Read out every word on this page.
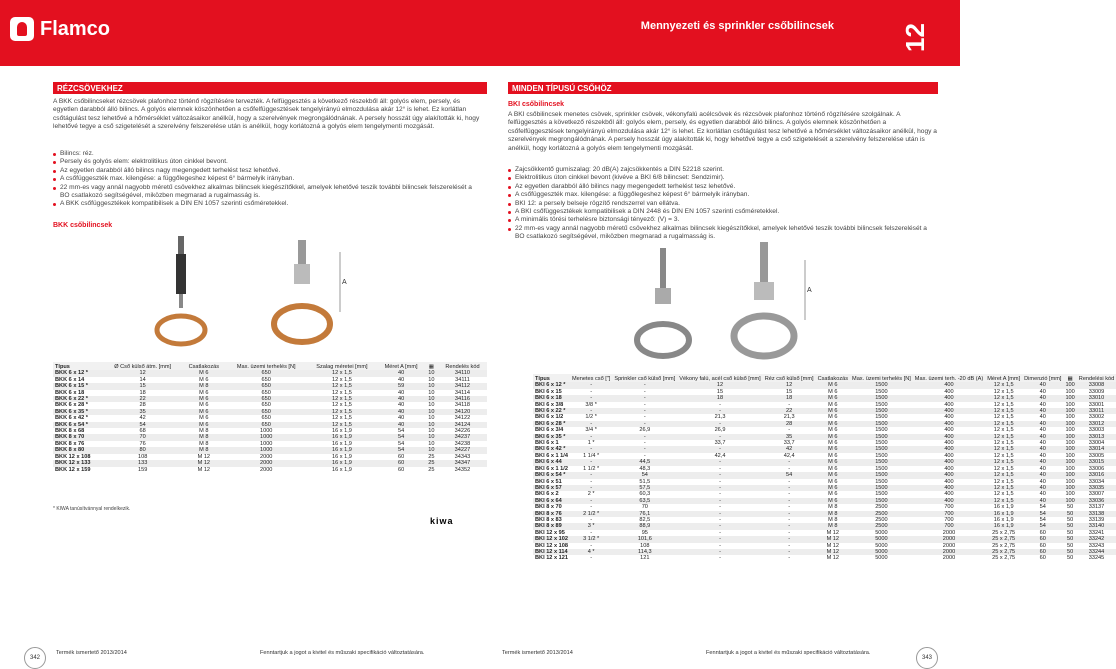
Flamco	Mennyezeti és sprinkler csőbilincsek	12
RÉZCSÖVEKHEZ
A BKK csőbilincseket rézcsövek plafonhoz történő rögzítésére tervezték. A felfüggesztés a következő részekből áll: golyós elem, persely, és egyetlen darabból álló bilincs. A golyós elemnek köszönhetően a csőfelfüggesztések tengelyirányú elmozdulása akár 12° is lehet. Ez korlátlan csőtágulást tesz lehetővé a hőmérséklet változásaikor anélkül, hogy a szerelvények megrongálódnának. A persely hosszát úgy alakították ki, hogy lehetővé tegye a cső szigetelését a szerelvény felszerelése után is anélkül, hogy korlátozná a golyós elem tengelymenti mozgását.
Bilincs: réz.
Persely és golyós elem: elektrolitikus úton cinkkel bevont.
Az egyetlen darabból álló bilincs nagy megengedett terhelést tesz lehetővé.
A csőfüggeszték max. kilengése: a függőlegeshez képest 6° bármelyik irányban.
22 mm-es vagy annál nagyobb méretű csövekhez alkalmas bilincsek kiegészítőkkel, amelyek lehetővé teszik további bilincsek felszerelését a BO csatlakozó segítségével, miközben megmarad a rugalmasság is.
A BKK csőfüggesztékek kompatibilisek a DIN EN 1057 szerinti csőméretekkel.
BKK csőbilincsek
A
Típus	Ø Cső külső átm. [mm]	Csatlakozás	Max. üzemi terhelés [N]	Szalag méretei [mm]	Méret A [mm]	▦	Rendelés kód
BKK 6 x 12 *	12	M 6	650	12 x 1,5	40	10	34110
BKK 6 x 14	14	M 6	650	12 x 1,5	40	10	34111
BKK 6 x 15 *	15	M 8	650	12 x 1,5	59	10	34112
BKK 6 x 18	18	M 6	650	12 x 1,5	40	10	34114
BKK 6 x 22 *	22	M 6	650	12 x 1,5	40	10	34116
BKK 6 x 28 *	28	M 6	650	12 x 1,5	40	10	34118
BKK 6 x 35 *	35	M 6	650	12 x 1,5	40	10	34120
BKK 6 x 42 *	42	M 6	650	12 x 1,5	40	10	34122
BKK 6 x 54 *	54	M 6	650	12 x 1,5	40	10	34124
BKK 8 x 68	68	M 8	1000	16 x 1,9	54	10	34226
BKK 8 x 70	70	M 8	1000	16 x 1,9	54	10	34237
BKK 8 x 76	76	M 8	1000	16 x 1,9	54	10	34238
BKK 8 x 80	80	M 8	1000	16 x 1,9	54	10	34227
BKK 12 x 108	108	M 12	2000	16 x 1,9	60	25	34343
BKK 12 x 133	133	M 12	2000	16 x 1,9	60	25	34347
BKK 12 x 159	159	M 12	2000	16 x 1,9	60	25	34352
* KIWA tanúsítvánnyal rendelkezik.
kiwa
MINDEN TÍPUSÚ CSŐHÖZ
BKI csőbilincsek
A BKI csőbilincsek menetes csövek, sprinkler csövek, vékonyfalú acélcsövek és rézcsövek plafonhoz történő rögzítésére szolgálnak. A felfüggesztés a következő részekből áll: golyós elem, persely, és egyetlen darabból álló bilincs. A golyós elemnek köszönhetően a csőfelfüggesztések tengelyirányú elmozdulása akár 12° is lehet. Ez korlátlan csőtágulást tesz lehetővé a hőmérséklet változásaikor anélkül, hogy a szerelvények megrongálódnának. A persely hosszát úgy alakították ki, hogy lehetővé tegye a cső szigetelését a szerelvény felszerelése után is anélkül, hogy korlátozná a golyós elem tengelymenti mozgását.
Zajcsökkentő gumiszalag: 20 dB(A) zajcsökkentés a DIN 52218 szerint.
Elektrolitikus úton cinkkel bevont (kivéve a BKI 6/8 bilincset: Sendzimir).
Az egyetlen darabból álló bilincs nagy megengedett terhelést tesz lehetővé.
A csőfüggeszték max. kilengése: a függőlegeshez képest 6° bármelyik irányban.
BKI 12: a persely belseje rögzítő rendszerrel van ellátva.
A BKI csőfüggesztékek kompatibilisek a DIN 2448 és DIN EN 1057 szerinti csőméretekkel.
A minimális törési terhelésre biztonsági tényező: (V) = 3.
22 mm-es vagy annál nagyobb méretű csövekhez alkalmas bilincsek kiegészítőkkel, amelyek lehetővé teszik további bilincsek felszerelését a BO csatlakozó segítségével, miközben megmarad a rugalmasság is.
A
Típus	Menetes cső ["]	Sprinkler cső külső [mm]	Vékony falú, acél cső külső [mm]	Réz cső külső [mm]	Csatlakozás	Max. üzemi terhelés [N]	Max. üzemi terh. -20 dB (A)	Méret A [mm]	Dimenzió [mm]	▦	Rendelési kód
BKI 6 x 12 *	-	-	12	12	M 6	1500	400	12 x 1,5	40	100	33008
BKI 6 x 15	-	-	15	15	M 6	1500	400	12 x 1,5	40	100	33009
BKI 6 x 18	-	-	18	18	M 6	1500	400	12 x 1,5	40	100	33010
BKI 6 x 3/8	3/8 *	-	-	-	M 6	1500	400	12 x 1,5	40	100	33001
BKI 6 x 22 *	-	-	-	22	M 6	1500	400	12 x 1,5	40	100	33011
BKI 6 x 1/2	1/2 *	-	21,3	21,3	M 6	1500	400	12 x 1,5	40	100	33002
BKI 6 x 28 *	-	-	-	28	M 6	1500	400	12 x 1,5	40	100	33012
BKI 6 x 3/4	3/4 *	26,9	26,9	-	M 6	1500	400	12 x 1,5	40	100	33003
BKI 6 x 35 *	-	-	-	35	M 6	1500	400	12 x 1,5	40	100	33013
BKI 6 x 1	1 *	-	33,7	33,7	M 6	1500	400	12 x 1,5	40	100	33004
BKI 6 x 42 *	-	-	-	42	M 6	1500	400	12 x 1,5	40	100	33014
BKI 6 x 1 1/4	1 1/4 *	-	42,4	42,4	M 6	1500	400	12 x 1,5	40	100	33005
BKI 6 x 44	-	44,5	-	-	M 6	1500	400	12 x 1,5	40	100	33015
BKI 6 x 1 1/2	1 1/2 *	48,3	-	-	M 6	1500	400	12 x 1,5	40	100	33006
BKI 6 x 54 *	-	54	-	54	M 6	1500	400	12 x 1,5	40	100	33016
BKI 6 x 51	-	51,5	-	-	M 6	1500	400	12 x 1,5	40	100	33034
BKI 6 x 57	-	57,5	-	-	M 6	1500	400	12 x 1,5	40	100	33035
BKI 6 x 2	2 *	60,3	-	-	M 6	1500	400	12 x 1,5	40	100	33007
BKI 6 x 64	-	63,5	-	-	M 6	1500	400	12 x 1,5	40	100	33036
BKI 8 x 70	-	70	-	-	M 8	2500	700	16 x 1,9	54	50	33137
BKI 8 x 76	2 1/2 *	76,1	-	-	M 8	2500	700	16 x 1,9	54	50	33138
BKI 8 x 83	-	82,5	-	-	M 8	2500	700	16 x 1,9	54	50	33139
BKI 8 x 89	3 *	88,9	-	-	M 8	2500	700	16 x 1,9	54	50	33140
BKI 12 x 95	-	95	-	-	M 12	5000	2000	25 x 2,75	60	50	33241
BKI 12 x 102	3 1/2 *	101,6	-	-	M 12	5000	2000	25 x 2,75	60	50	33242
BKI 12 x 108	-	108	-	-	M 12	5000	2000	25 x 2,75	60	50	33243
BKI 12 x 114	4 *	114,3	-	-	M 12	5000	2000	25 x 2,75	60	50	33244
BKI 12 x 121	-	121	-	-	M 12	5000	2000	25 x 2,75	60	50	33245
342
Termék ismertető 2013/2014	Fenntartjuk a jogot a kivitel és műszaki specifikáció változtatására.	Termék ismertető 2013/2014	Fenntartjuk a jogot a kivitel és műszaki specifikáció változtatására.
343
